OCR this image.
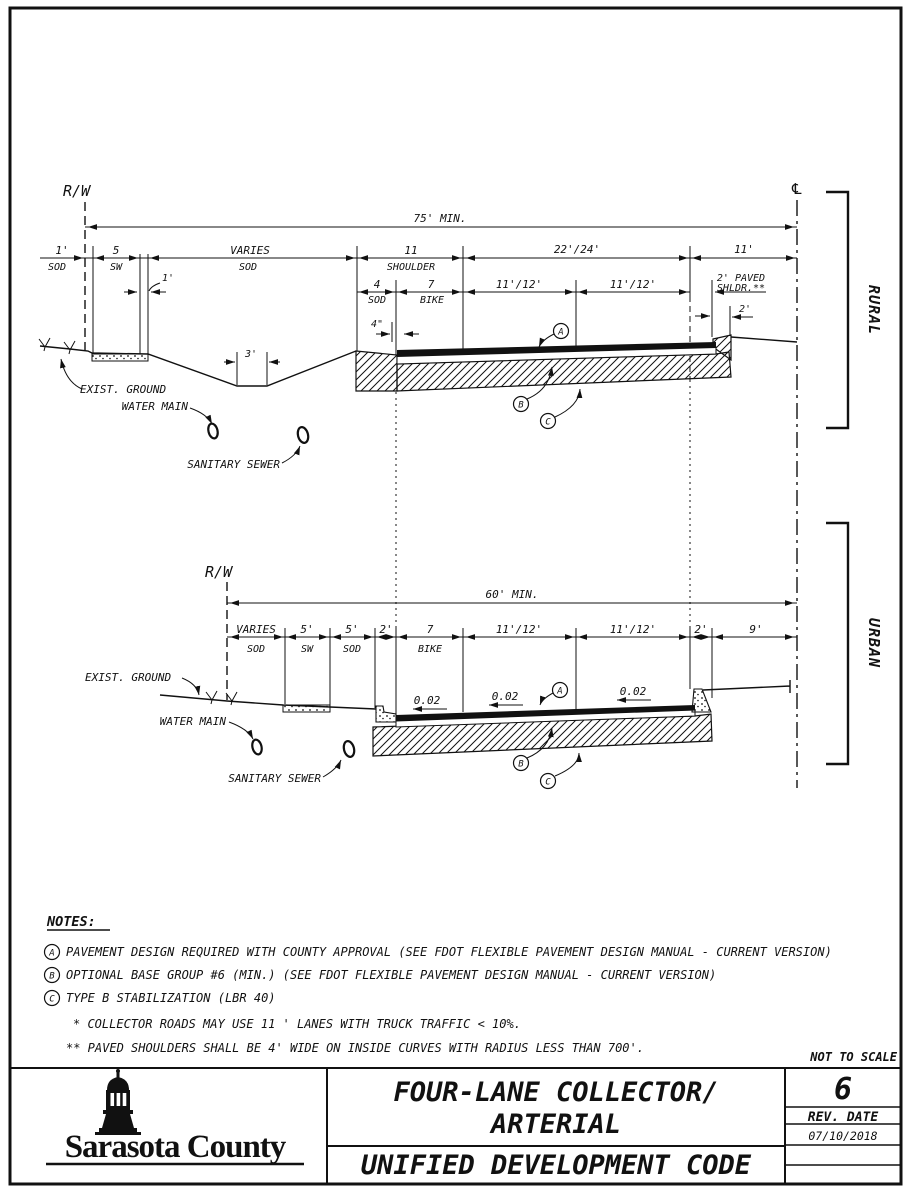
R/W	℄
RURAL
75' MIN.
1'
SOD
5
SW
VARIES
SOD
11
SHOULDER
22'/24'	11'
4
SOD
7
BIKE
11'/12'	11'/12'	2' PAVED
SHLDR.**
1'
4"
2'
3'
A
B
C
EXIST. GROUND
WATER MAIN
SANITARY SEWER
R/W
URBAN
60' MIN.
VARIES
SOD
5'
SW
5'
SOD
2'	7
BIKE
11'/12'	11'/12'	2'	9'
0.02	0.02	0.02
A
B
C
EXIST. GROUND
WATER MAIN
SANITARY SEWER
NOTES:
A PAVEMENT DESIGN REQUIRED WITH COUNTY APPROVAL (SEE FDOT FLEXIBLE PAVEMENT DESIGN MANUAL - CURRENT VERSION)
B OPTIONAL BASE GROUP #6 (MIN.) (SEE FDOT FLEXIBLE PAVEMENT DESIGN MANUAL - CURRENT VERSION)
C TYPE B STABILIZATION (LBR 40)
* COLLECTOR ROADS MAY USE 11 ' LANES WITH TRUCK TRAFFIC < 10%.
** PAVED SHOULDERS SHALL BE 4' WIDE ON INSIDE CURVES WITH RADIUS LESS THAN 700'.
NOT TO SCALE
Sarasota County
FOUR-LANE COLLECTOR/
ARTERIAL
UNIFIED DEVELOPMENT CODE
6
REV. DATE
07/10/2018
